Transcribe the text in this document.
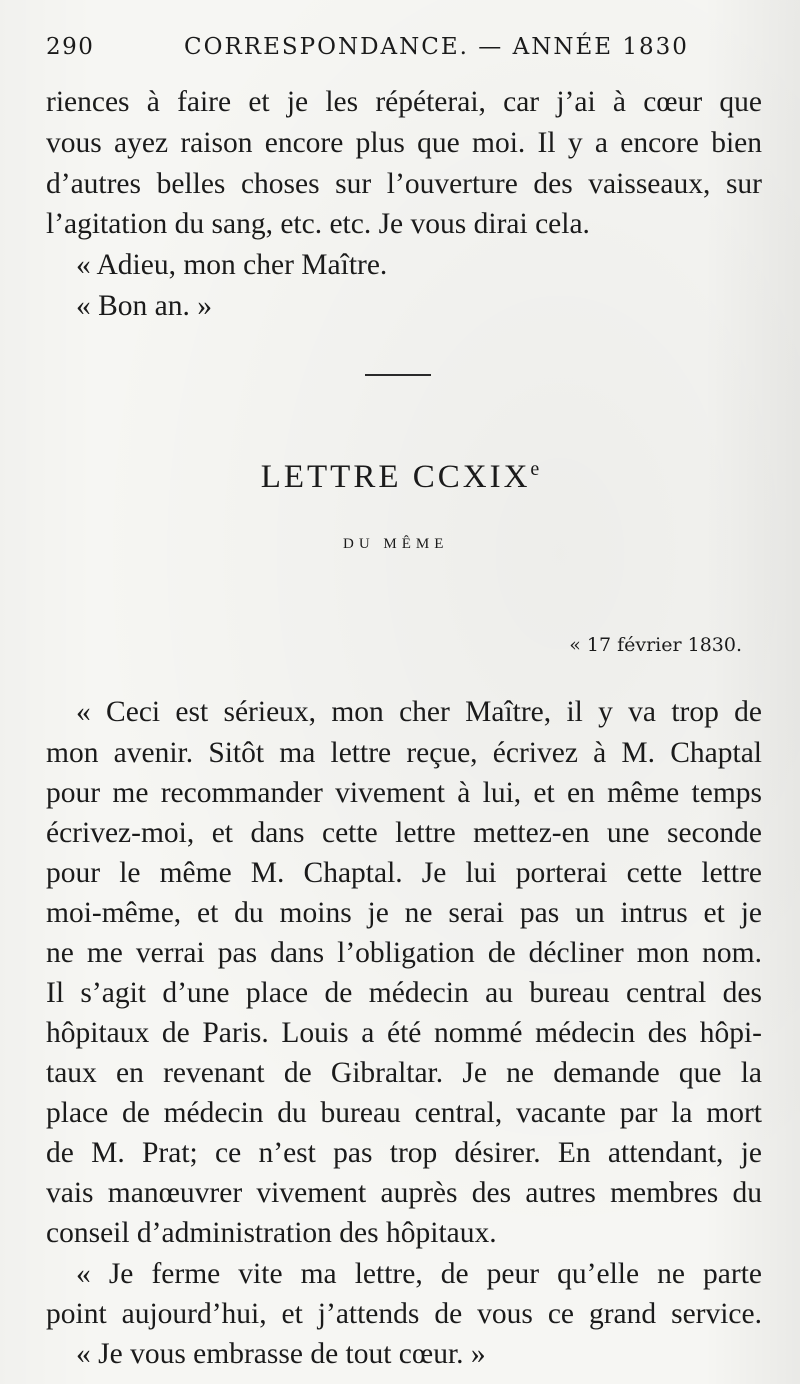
290	CORRESPONDANCE. — ANNÉE 1830
riences à faire et je les répéterai, car j’ai à cœur que
vous ayez raison encore plus que moi. Il y a encore bien
d’autres belles choses sur l’ouverture des vaisseaux, sur
l’agitation du sang, etc. etc. Je vous dirai cela.
« Adieu, mon cher Maître.
« Bon an. »
LETTRE CCXIXe
DU MÊME
« 17 février 1830.
« Ceci est sérieux, mon cher Maître, il y va trop de
mon avenir. Sitôt ma lettre reçue, écrivez à M. Chaptal
pour me recommander vivement à lui, et en même temps
écrivez-moi, et dans cette lettre mettez-en une seconde
pour le même M. Chaptal. Je lui porterai cette lettre
moi-même, et du moins je ne serai pas un intrus et je
ne me verrai pas dans l’obligation de décliner mon nom.
Il s’agit d’une place de médecin au bureau central des
hôpitaux de Paris. Louis a été nommé médecin des hôpi-
taux en revenant de Gibraltar. Je ne demande que la
place de médecin du bureau central, vacante par la mort
de M. Prat; ce n’est pas trop désirer. En attendant, je
vais manœuvrer vivement auprès des autres membres du
conseil d’administration des hôpitaux.
« Je ferme vite ma lettre, de peur qu’elle ne parte
point aujourd’hui, et j’attends de vous ce grand service.
« Je vous embrasse de tout cœur. »
